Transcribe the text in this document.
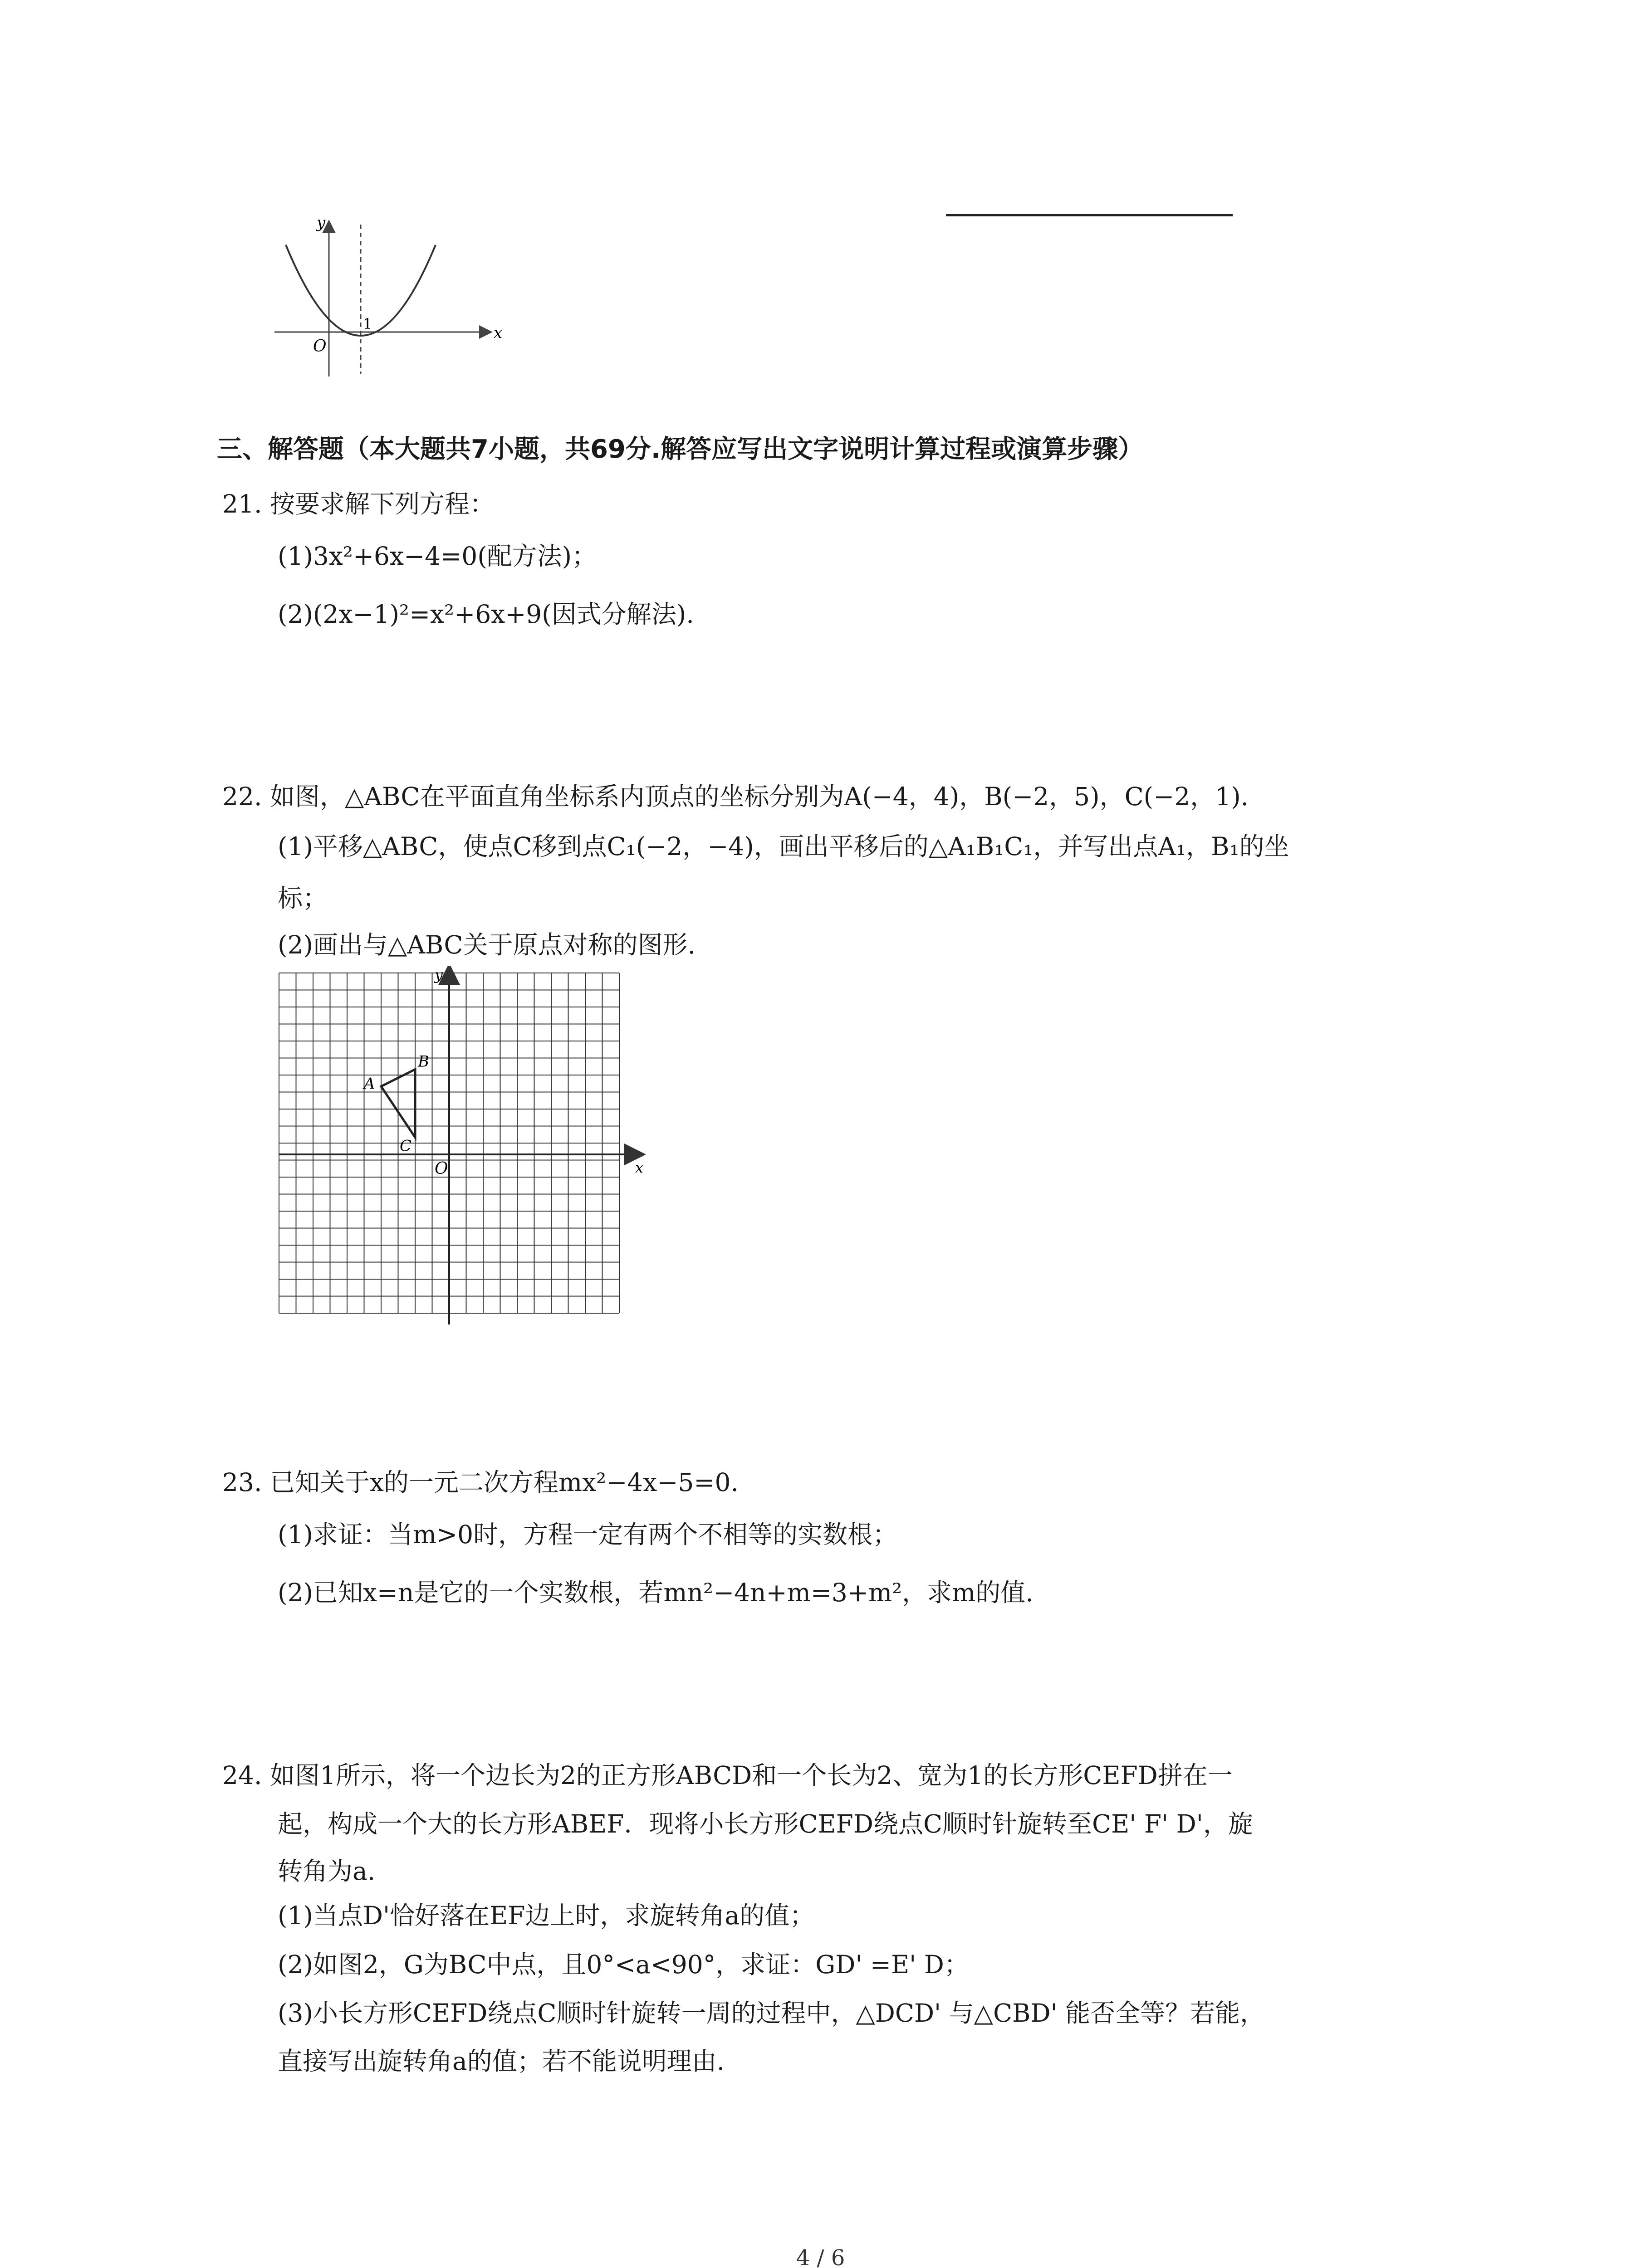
y
x
O
1
三、解答题（本大题共7小题，共69分.解答应写出文字说明计算过程或演算步骤）
21. 按要求解下列方程：
(1)3x²+6x−4=0(配方法)；
(2)(2x−1)²=x²+6x+9(因式分解法).
22. 如图，△ABC在平面直角坐标系内顶点的坐标分别为A(−4，4)，B(−2，5)，C(−2，1).
(1)平移△ABC，使点C移到点C₁(−2，−4)，画出平移后的△A₁B₁C₁，并写出点A₁，B₁的坐
标；
(2)画出与△ABC关于原点对称的图形.
y
x
O
A
B
C
23. 已知关于x的一元二次方程mx²−4x−5=0.
(1)求证：当m>0时，方程一定有两个不相等的实数根；
(2)已知x=n是它的一个实数根，若mn²−4n+m=3+m²，求m的值.
24. 如图1所示，将一个边长为2的正方形ABCD和一个长为2、宽为1的长方形CEFD拼在一
起，构成一个大的长方形ABEF．现将小长方形CEFD绕点C顺时针旋转至CE' F' D'，旋
转角为a.
(1)当点D'恰好落在EF边上时，求旋转角a的值；
(2)如图2，G为BC中点，且0°<a<90°，求证：GD' =E' D；
(3)小长方形CEFD绕点C顺时针旋转一周的过程中，△DCD' 与△CBD' 能否全等？若能，
直接写出旋转角a的值；若不能说明理由.
4 / 6
